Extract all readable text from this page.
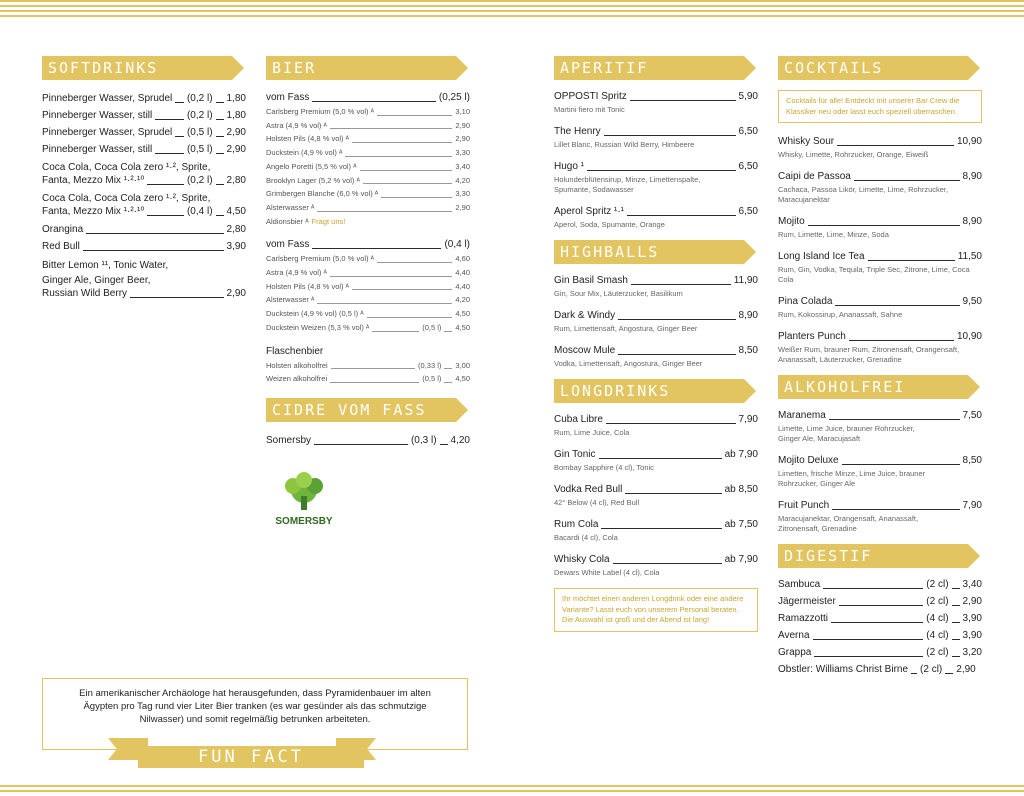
SOFTDRINKS
Pinneberger Wasser, Sprudel (0,2 l) 1,80
Pinneberger Wasser, still	(0,2 l) 1,80
Pinneberger Wasser, Sprudel (0,5 l) 2,90
Pinneberger Wasser, still	(0,5 l) 2,90
Coca Cola, Coca Cola zero ¹·², Sprite,
Fanta, Mezzo Mix ¹·²·¹⁰	(0,2 l) 2,80
Coca Cola, Coca Cola zero ¹·², Sprite,
Fanta, Mezzo Mix ¹·²·¹⁰	(0,4 l) 4,50
Orangina	2,80
Red Bull	3,90
Bitter Lemon ¹¹, Tonic Water,
Ginger Ale, Ginger Beer,
Russian Wild Berry	2,90
BIER
vom Fass	(0,25 l)
Carlsberg Premium (5,0 % vol) ᴬ	3,10
Astra (4,9 % vol) ᴬ	2,90
Holsten Pils (4,8 % vol) ᴬ	2,90
Duckstein (4,9 % vol) ᴬ	3,30
Angelo Poretti (5,5 % vol) ᴬ	3,40
Brooklyn Lager (5,2 % vol) ᴬ	4,20
Grimbergen Blanche (6,0 % vol) ᴬ	3,30
Alsterwasser ᴬ	2,90
Aldionsbier ᴬ Fragt uns!
vom Fass	(0,4 l)
Carlsberg Premium (5,0 % vol) ᴬ	4,60
Astra (4,9 % vol) ᴬ	4,40
Holsten Pils (4,8 % vol) ᴬ	4,40
Alsterwasser ᴬ	4,20
Duckstein (4,9 % vol) (0,5 l) ᴬ	4,50
Duckstein Weizen (5,3 % vol) ᴬ	(0,5 l) 4,50
Flaschenbier
Holsten alkoholfrei	(0,33 l) 3,00
Weizen alkoholfrei	(0,5 l) 4,50
CIDRE VOM FASS
Somersby	(0,3 l) 4,20
SOMERSBY
APERITIF
OPPOSTI Spritz	5,90
Martini fiero mit Tonic
The Henry	6,50
Lillet Blanc, Russian Wild Berry, Himbeere
Hugo ¹	6,50
Holunderblütensirup, Minze, Limettenspalte, Spumante, Sodawasser
Aperol Spritz ¹·¹	6,50
Aperol, Soda, Spumante, Orange
HIGHBALLS
Gin Basil Smash	11,90
Gin, Sour Mix, Läuterzucker, Basilikum
Dark & Windy	8,90
Rum, Limettensaft, Angostura, Ginger Beer
Moscow Mule	8,50
Vodka, Limettensaft, Angostura, Ginger Beer
LONGDRINKS
Cuba Libre	7,90
Rum, Lime Juice, Cola
Gin Tonic	ab 7,90
Bombay Sapphire (4 cl), Tonic
Vodka Red Bull	ab 8,50
42° Below (4 cl), Red Bull
Rum Cola	ab 7,50
Bacardi (4 cl), Cola
Whisky Cola	ab 7,90
Dewars White Label (4 cl), Cola
Ihr möchtet einen anderen Longdrink oder eine andere Variante? Lasst euch von unserem Personal beraten. Die Auswahl ist groß und der Abend ist lang!
COCKTAILS
Cocktails für alle! Entdeckt mit unserer Bar Crew die Klassiker neu oder lasst euch speziell überraschen.
Whisky Sour	10,90
Whisky, Limette, Rohrzucker, Orange, Eiweiß
Caipi de Passoa	8,90
Cachaca, Passoa Likör, Limette, Lime, Rohrzucker, Maracujanektar
Mojito	8,90
Rum, Limette, Lime, Minze, Soda
Long Island Ice Tea	11,50
Rum, Gin, Vodka, Tequila, Triple Sec, Zitrone, Lime, Coca Cola
Pina Colada	9,50
Rum, Kokossirup, Ananassaft, Sahne
Planters Punch	10,90
Weißer Rum, brauner Rum, Zitronensaft, Orangensaft, Ananassaft, Läuterzucker, Grenadine
ALKOHOLFREI
Maranema	7,50
Limette, Lime Juice, brauner Rohrzucker, Ginger Ale, Maracujasaft
Mojito Deluxe	8,50
Limetten, frische Minze, Lime Juice, brauner Rohrzucker, Ginger Ale
Fruit Punch	7,90
Maracujanektar, Orangensaft, Ananassaft, Zitronensaft, Grenadine
DIGESTIF
Sambuca	(2 cl) 3,40
Jägermeister	(2 cl) 2,90
Ramazzotti	(4 cl) 3,90
Averna	(4 cl) 3,90
Grappa	(2 cl) 3,20
Obstler: Williams Christ Birne (2 cl) 2,90
Ein amerikanischer Archäologe hat herausgefunden, dass Pyramidenbauer im alten Ägypten pro Tag rund vier Liter Bier tranken (es war gesünder als das schmutzige Nilwasser) und somit regelmäßig betrunken arbeiteten.
FUN FACT
